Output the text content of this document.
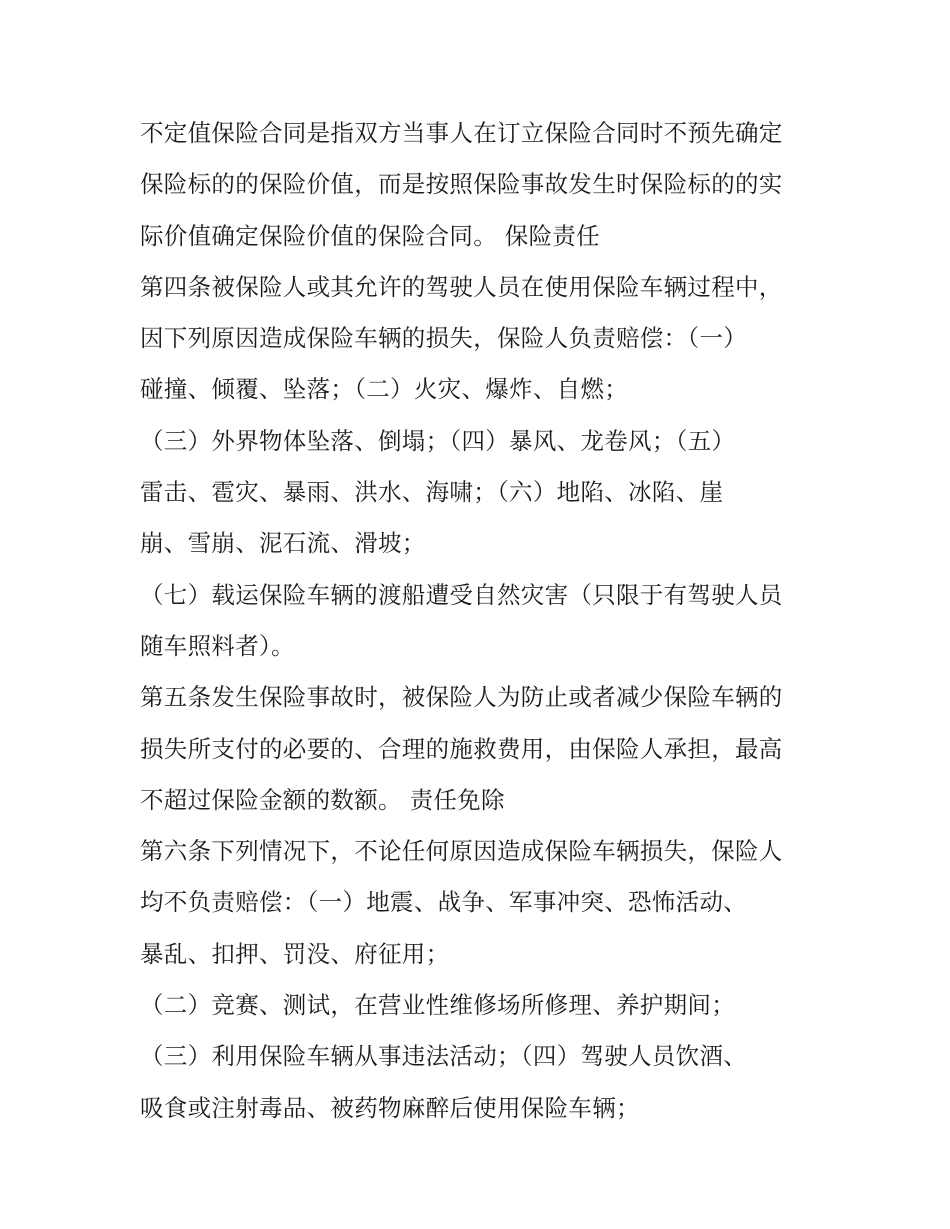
不定值保险合同是指双方当事人在订立保险合同时不预先确定
保险标的的保险价值，而是按照保险事故发生时保险标的的实
际价值确定保险价值的保险合同。 保险责任
第四条被保险人或其允许的驾驶人员在使用保险车辆过程中，
因下列原因造成保险车辆的损失，保险人负责赔偿：（一）
碰撞、倾覆、坠落；（二）火灾、爆炸、自燃；
（三）外界物体坠落、倒塌；（四）暴风、龙卷风；（五）
雷击、雹灾、暴雨、洪水、海啸；（六）地陷、冰陷、崖
崩、雪崩、泥石流、滑坡；
（七）载运保险车辆的渡船遭受自然灾害（只限于有驾驶人员
随车照料者）。
第五条发生保险事故时，被保险人为防止或者减少保险车辆的
损失所支付的必要的、合理的施救费用，由保险人承担，最高
不超过保险金额的数额。 责任免除
第六条下列情况下，不论任何原因造成保险车辆损失，保险人
均不负责赔偿：（一）地震、战争、军事冲突、恐怖活动、
暴乱、扣押、罚没、府征用；
（二）竞赛、测试，在营业性维修场所修理、养护期间；
（三）利用保险车辆从事违法活动；（四）驾驶人员饮酒、
吸食或注射毒品、被药物麻醉后使用保险车辆；
